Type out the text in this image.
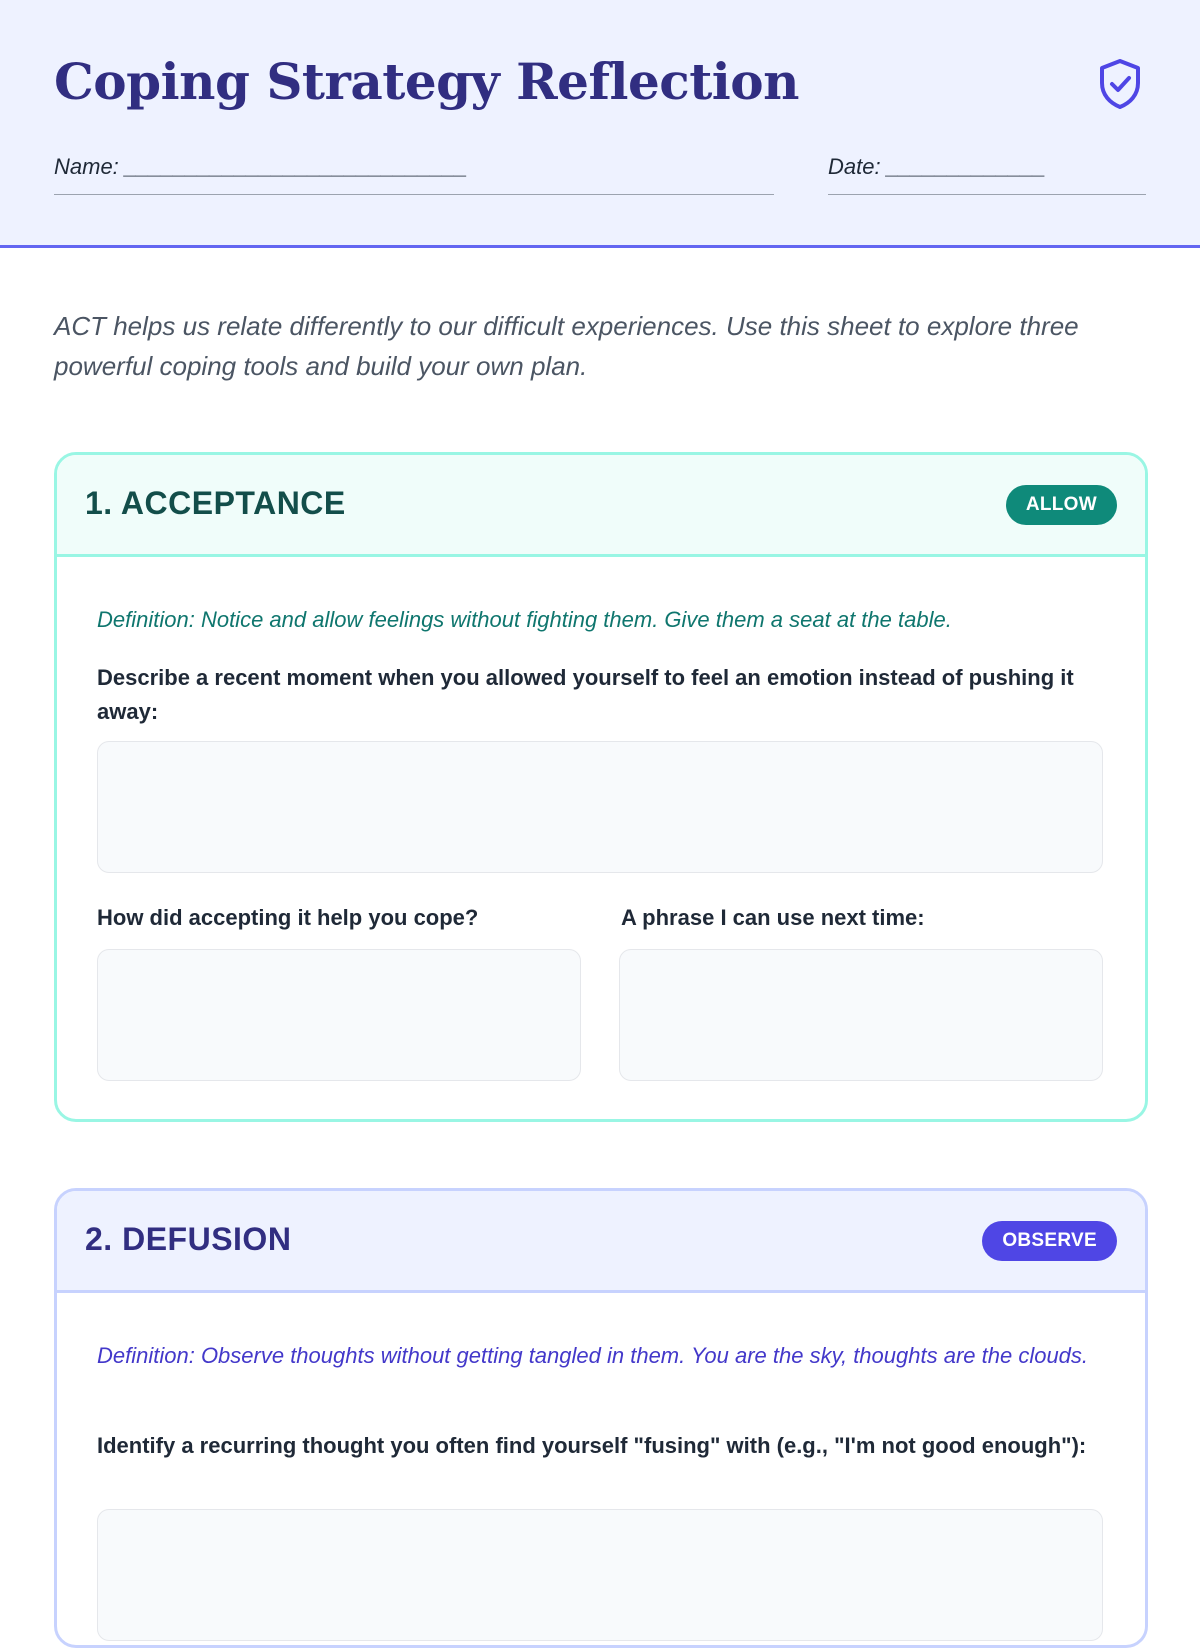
Coping Strategy Reflection
Name: ____________________________	Date: _____________

ACT helps us relate differently to our difficult experiences. Use this sheet to explore three powerful coping tools and build your own plan.

1. ACCEPTANCE	ALLOW

Definition: Notice and allow feelings without fighting them. Give them a seat at the table.

Describe a recent moment when you allowed yourself to feel an emotion instead of pushing it away:

How did accepting it help you cope?	A phrase I can use next time:

2. DEFUSION	OBSERVE

Definition: Observe thoughts without getting tangled in them. You are the sky, thoughts are the clouds.

Identify a recurring thought you often find yourself "fusing" with (e.g., "I'm not good enough"):
